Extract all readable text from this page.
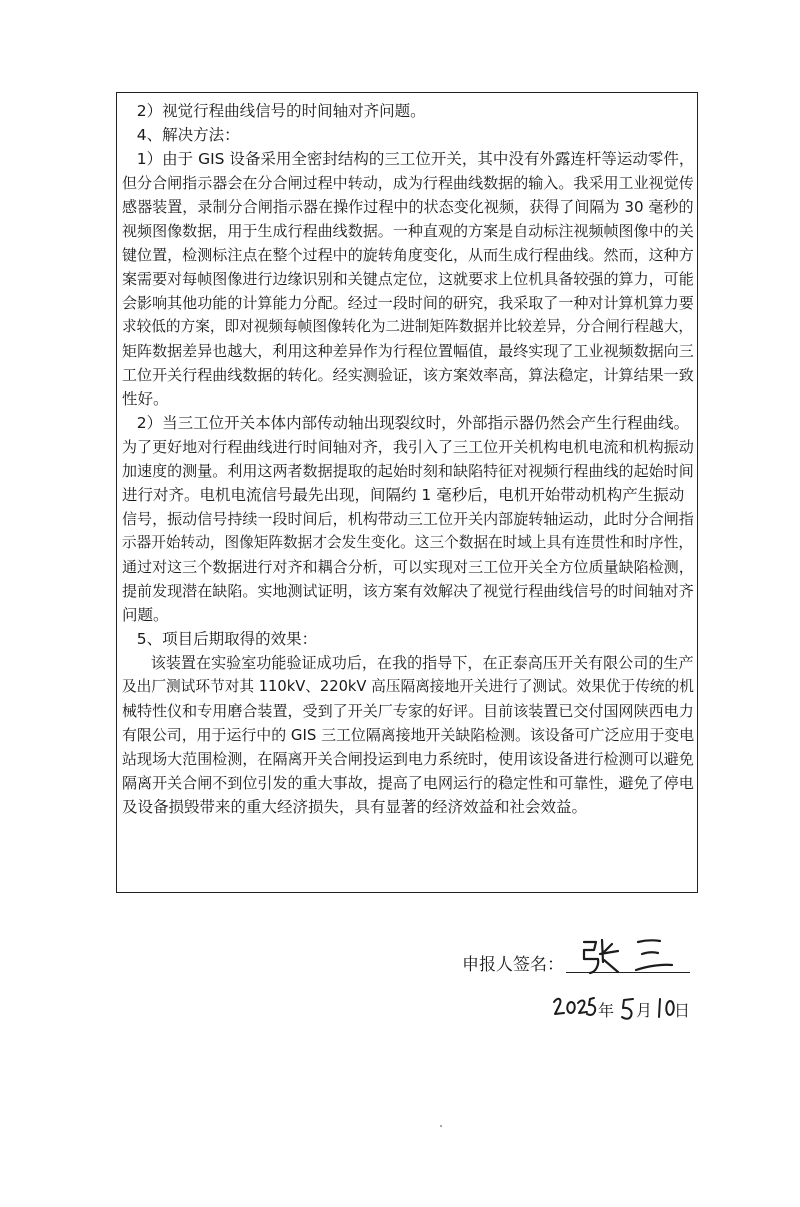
2）视觉行程曲线信号的时间轴对齐问题。
4、解决方法：
1）由于 GIS 设备采用全密封结构的三工位开关，其中没有外露连杆等运动零件，
但分合闸指示器会在分合闸过程中转动，成为行程曲线数据的输入。我采用工业视觉传
感器装置，录制分合闸指示器在操作过程中的状态变化视频，获得了间隔为 30 毫秒的
视频图像数据，用于生成行程曲线数据。一种直观的方案是自动标注视频帧图像中的关
键位置，检测标注点在整个过程中的旋转角度变化，从而生成行程曲线。然而，这种方
案需要对每帧图像进行边缘识别和关键点定位，这就要求上位机具备较强的算力，可能
会影响其他功能的计算能力分配。经过一段时间的研究，我采取了一种对计算机算力要
求较低的方案，即对视频每帧图像转化为二进制矩阵数据并比较差异，分合闸行程越大，
矩阵数据差异也越大，利用这种差异作为行程位置幅值，最终实现了工业视频数据向三
工位开关行程曲线数据的转化。经实测验证，该方案效率高，算法稳定，计算结果一致
性好。
2）当三工位开关本体内部传动轴出现裂纹时，外部指示器仍然会产生行程曲线。
为了更好地对行程曲线进行时间轴对齐，我引入了三工位开关机构电机电流和机构振动
加速度的测量。利用这两者数据提取的起始时刻和缺陷特征对视频行程曲线的起始时间
进行对齐。电机电流信号最先出现，间隔约 1 毫秒后，电机开始带动机构产生振动
信号，振动信号持续一段时间后，机构带动三工位开关内部旋转轴运动，此时分合闸指
示器开始转动，图像矩阵数据才会发生变化。这三个数据在时域上具有连贯性和时序性，
通过对这三个数据进行对齐和耦合分析，可以实现对三工位开关全方位质量缺陷检测，
提前发现潜在缺陷。实地测试证明，该方案有效解决了视觉行程曲线信号的时间轴对齐
问题。
5、项目后期取得的效果：
该装置在实验室功能验证成功后，在我的指导下，在正泰高压开关有限公司的生产
及出厂测试环节对其 110kV、220kV 高压隔离接地开关进行了测试。效果优于传统的机
械特性仪和专用磨合装置，受到了开关厂专家的好评。目前该装置已交付国网陕西电力
有限公司，用于运行中的 GIS 三工位隔离接地开关缺陷检测。该设备可广泛应用于变电
站现场大范围检测，在隔离开关合闸投运到电力系统时，使用该设备进行检测可以避免
隔离开关合闸不到位引发的重大事故，提高了电网运行的稳定性和可靠性，避免了停电
及设备损毁带来的重大经济损失，具有显著的经济效益和社会效益。
申报人签名：
年 月 日
